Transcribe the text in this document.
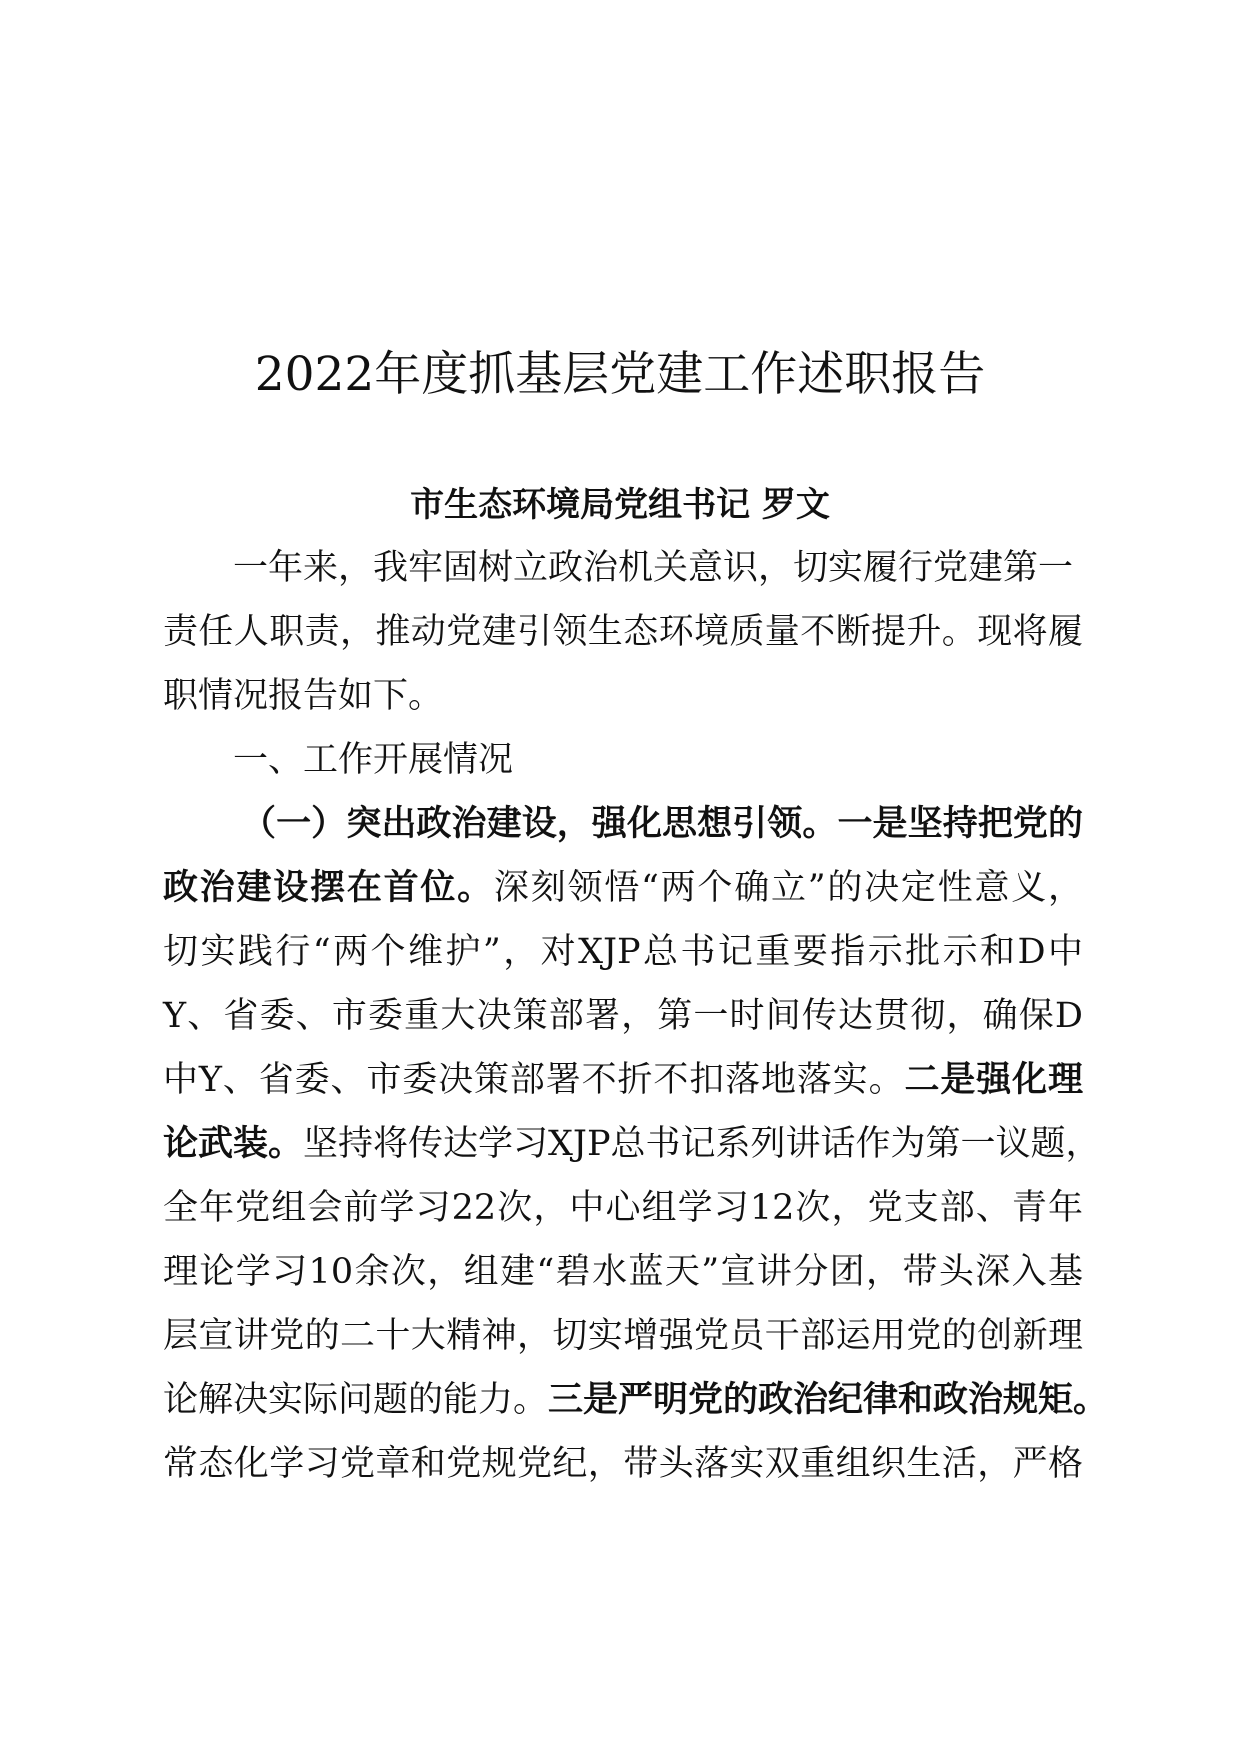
2022年度抓基层党建工作述职报告
市生态环境局党组书记 罗文
一年来，我牢固树立政治机关意识，切实履行党建第一
责任人职责，推动党建引领生态环境质量不断提升。现将履
职情况报告如下。
一、工作开展情况
（一）突出政治建设，强化思想引领。一是坚持把党的
政治建设摆在首位。深刻领悟“两个确立”的决定性意义，
切实践行“两个维护”，对XJP总书记重要指示批示和D中
Y、省委、市委重大决策部署，第一时间传达贯彻，确保D
中Y、省委、市委决策部署不折不扣落地落实。二是强化理
论武装。坚持将传达学习XJP总书记系列讲话作为第一议题，
全年党组会前学习22次，中心组学习12次，党支部、青年
理论学习10余次，组建“碧水蓝天”宣讲分团，带头深入基
层宣讲党的二十大精神，切实增强党员干部运用党的创新理
论解决实际问题的能力。三是严明党的政治纪律和政治规矩。
常态化学习党章和党规党纪，带头落实双重组织生活，严格
